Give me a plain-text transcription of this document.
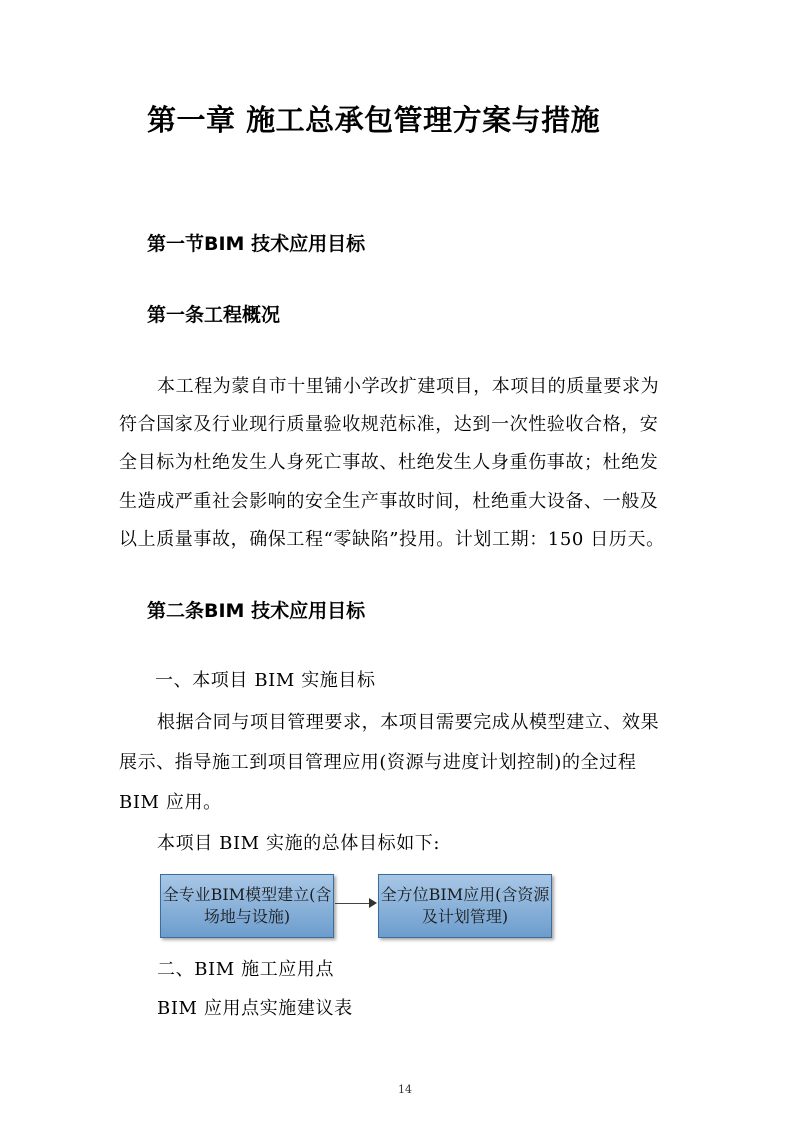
第一章 施工总承包管理方案与措施
第一节BIM 技术应用目标
第一条工程概况
本工程为蒙自市十里铺小学改扩建项目，本项目的质量要求为
符合国家及行业现行质量验收规范标准，达到一次性验收合格，安
全目标为杜绝发生人身死亡事故、杜绝发生人身重伤事故；杜绝发
生造成严重社会影响的安全生产事故时间，杜绝重大设备、一般及
以上质量事故，确保工程“零缺陷”投用。计划工期：150 日历天。
第二条BIM 技术应用目标
一、本项目 BIM 实施目标
根据合同与项目管理要求，本项目需要完成从模型建立、效果
展示、指导施工到项目管理应用(资源与进度计划控制)的全过程
BIM 应用。
本项目 BIM 实施的总体目标如下:
全专业BIM模型建立(含
场地与设施)
全方位BIM应用(含资源
及计划管理)
二、BIM 施工应用点
BIM 应用点实施建议表
14
